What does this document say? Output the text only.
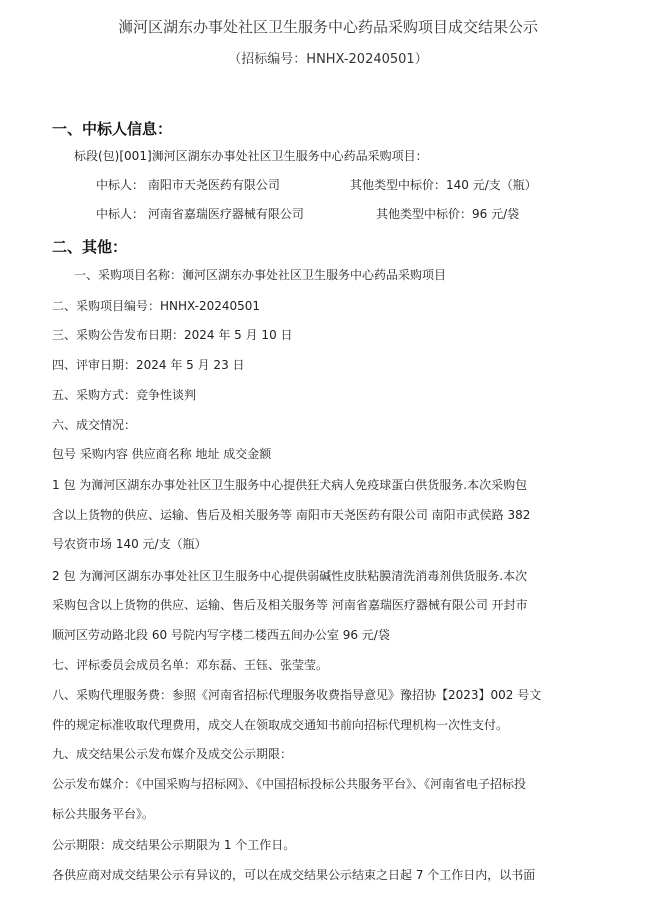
浉河区湖东办事处社区卫生服务中心药品采购项目成交结果公示
（招标编号：HNHX-20240501）
一、中标人信息：
标段(包)[001]浉河区湖东办事处社区卫生服务中心药品采购项目：
中标人： 南阳市天尧医药有限公司	其他类型中标价：140 元/支（瓶）
中标人： 河南省嘉瑞医疗器械有限公司	其他类型中标价：96 元/袋
二、其他：
一、采购项目名称：浉河区湖东办事处社区卫生服务中心药品采购项目
二、采购项目编号：HNHX-20240501
三、采购公告发布日期：2024 年 5 月 10 日
四、评审日期：2024 年 5 月 23 日
五、采购方式：竞争性谈判
六、成交情况：
包号 采购内容 供应商名称 地址 成交金额
1 包 为浉河区湖东办事处社区卫生服务中心提供狂犬病人免疫球蛋白供货服务.本次采购包
含以上货物的供应、运输、售后及相关服务等 南阳市天尧医药有限公司 南阳市武侯路 382
号农资市场 140 元/支（瓶）
2 包 为浉河区湖东办事处社区卫生服务中心提供弱碱性皮肤粘膜清洗消毒剂供货服务.本次
采购包含以上货物的供应、运输、售后及相关服务等 河南省嘉瑞医疗器械有限公司 开封市
顺河区劳动路北段 60 号院内写字楼二楼西五间办公室 96 元/袋
七、评标委员会成员名单：邓东磊、王钰、张莹莹。
八、采购代理服务费：参照《河南省招标代理服务收费指导意见》豫招协【2023】002 号文
件的规定标准收取代理费用，成交人在领取成交通知书前向招标代理机构一次性支付。
九、成交结果公示发布媒介及成交公示期限：
公示发布媒介：《中国采购与招标网》、《中国招标投标公共服务平台》、《河南省电子招标投
标公共服务平台》。
公示期限：成交结果公示期限为 1 个工作日。
各供应商对成交结果公示有异议的，可以在成交结果公示结束之日起 7 个工作日内，以书面
